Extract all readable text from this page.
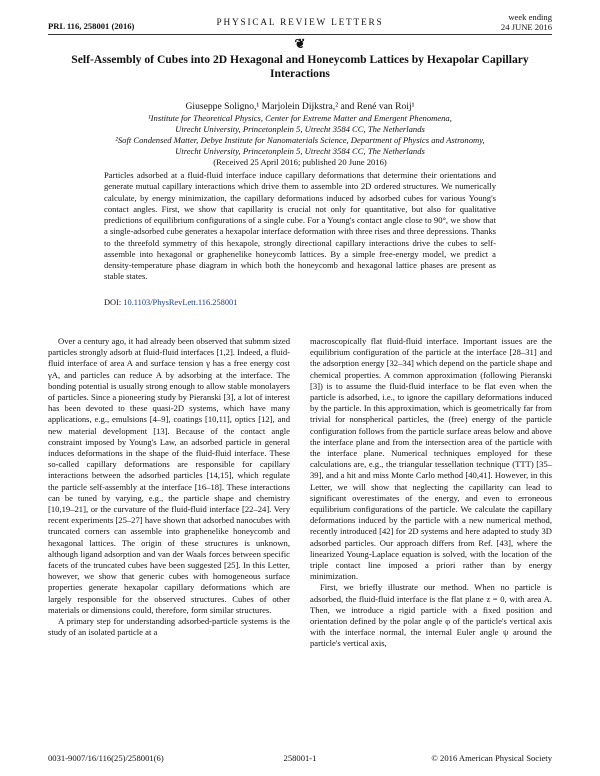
PRL 116, 258001 (2016)	PHYSICAL REVIEW LETTERS
week ending
24 JUNE 2016
❦
Self-Assembly of Cubes into 2D Hexagonal and Honeycomb Lattices by Hexapolar Capillary Interactions
Giuseppe Soligno,¹ Marjolein Dijkstra,² and René van Roij¹
¹Institute for Theoretical Physics, Center for Extreme Matter and Emergent Phenomena,
Utrecht University, Princetonplein 5, Utrecht 3584 CC, The Netherlands
²Soft Condensed Matter, Debye Institute for Nanomaterials Science, Department of Physics and Astronomy,
Utrecht University, Princetonplein 5, Utrecht 3584 CC, The Netherlands
(Received 25 April 2016; published 20 June 2016)
Particles adsorbed at a fluid-fluid interface induce capillary deformations that determine their orientations and generate mutual capillary interactions which drive them to assemble into 2D ordered structures. We numerically calculate, by energy minimization, the capillary deformations induced by adsorbed cubes for various Young's contact angles. First, we show that capillarity is crucial not only for quantitative, but also for qualitative predictions of equilibrium configurations of a single cube. For a Young's contact angle close to 90°, we show that a single-adsorbed cube generates a hexapolar interface deformation with three rises and three depressions. Thanks to the threefold symmetry of this hexapole, strongly directional capillary interactions drive the cubes to self-assemble into hexagonal or graphenelike honeycomb lattices. By a simple free-energy model, we predict a density-temperature phase diagram in which both the honeycomb and hexagonal lattice phases are present as stable states.
DOI: 10.1103/PhysRevLett.116.258001

Over a century ago, it had already been observed that submm sized particles strongly adsorb at fluid-fluid interfaces [1,2]. Indeed, a fluid-fluid interface of area A and surface tension γ has a free energy cost γA, and particles can reduce A by adsorbing at the interface. The bonding potential is usually strong enough to allow stable monolayers of particles. Since a pioneering study by Pieranski [3], a lot of interest has been devoted to these quasi-2D systems, which have many applications, e.g., emulsions [4–9], coatings [10,11], optics [12], and new material development [13]. Because of the contact angle constraint imposed by Young's Law, an adsorbed particle in general induces deformations in the shape of the fluid-fluid interface. These so-called capillary deformations are responsible for capillary interactions between the adsorbed particles [14,15], which regulate the particle self-assembly at the interface [16–18]. These interactions can be tuned by varying, e.g., the particle shape and chemistry [10,19–21], or the curvature of the fluid-fluid interface [22–24]. Very recent experiments [25–27] have shown that adsorbed nanocubes with truncated corners can assemble into graphenelike honeycomb and hexagonal lattices. The origin of these structures is unknown, although ligand adsorption and van der Waals forces between specific facets of the truncated cubes have been suggested [25]. In this Letter, however, we show that generic cubes with homogeneous surface properties generate hexapolar capillary deformations which are largely responsible for the observed structures. Cubes of other materials or dimensions could, therefore, form similar structures.

A primary step for understanding adsorbed-particle systems is the study of an isolated particle at a

macroscopically flat fluid-fluid interface. Important issues are the equilibrium configuration of the particle at the interface [28–31] and the adsorption energy [32–34] which depend on the particle shape and chemical properties. A common approximation (following Pieranski [3]) is to assume the fluid-fluid interface to be flat even when the particle is adsorbed, i.e., to ignore the capillary deformations induced by the particle. In this approximation, which is geometrically far from trivial for nonspherical particles, the (free) energy of the particle configuration follows from the particle surface areas below and above the interface plane and from the intersection area of the particle with the interface plane. Numerical techniques employed for these calculations are, e.g., the triangular tessellation technique (TTT) [35–39], and a hit and miss Monte Carlo method [40,41]. However, in this Letter, we will show that neglecting the capillarity can lead to significant overestimates of the energy, and even to erroneous equilibrium configurations of the particle. We calculate the capillary deformations induced by the particle with a new numerical method, recently introduced [42] for 2D systems and here adapted to study 3D adsorbed particles. Our approach differs from Ref. [43], where the linearized Young-Laplace equation is solved, with the location of the triple contact line imposed a priori rather than by energy minimization.

First, we briefly illustrate our method. When no particle is adsorbed, the fluid-fluid interface is the flat plane z = 0, with area A. Then, we introduce a rigid particle with a fixed position and orientation defined by the polar angle φ of the particle's vertical axis with the interface normal, the internal Euler angle ψ around the particle's vertical axis,

0031-9007/16/116(25)/258001(6)	258001-1	© 2016 American Physical Society
